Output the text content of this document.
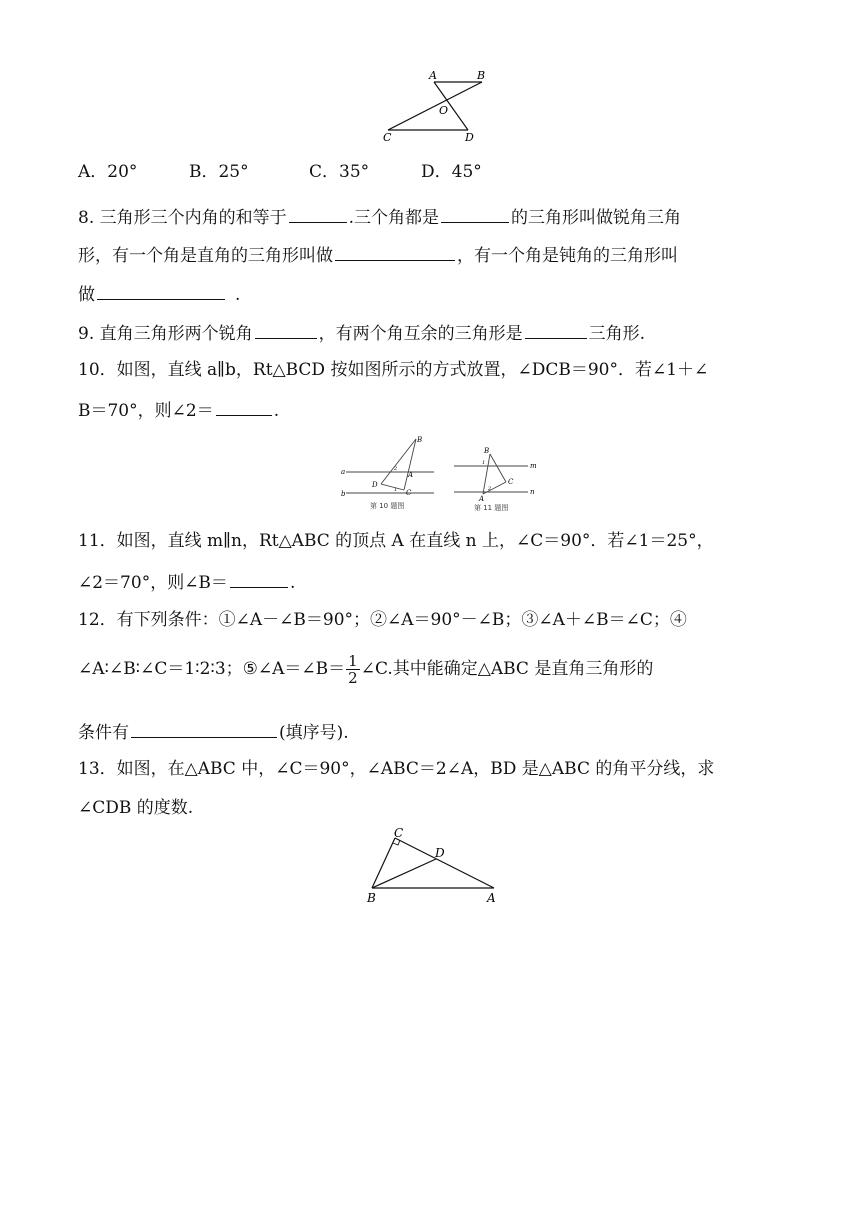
A	B
O
C	D
A．20°	B．25°	C．35°	D．45°
8. 三角形三个内角的和等于	.三个角都是	的三角形叫做锐角三角
形，有一个角是直角的三角形叫做	，有一个角是钝角的三角形叫
做	.
9. 直角三角形两个锐角	，有两个角互余的三角形是	三角形.
10．如图，直线 a∥b，Rt△BCD 按如图所示的方式放置，∠DCB＝90°．若∠1＋∠
B＝70°，则∠2＝	.
a
b
B
A
D
C
2
1
第 10 题图
m
n
B
C
A
1
2
第 11 题图
11．如图，直线 m∥n，Rt△ABC 的顶点 A 在直线 n 上，∠C＝90°．若∠1＝25°，
∠2＝70°，则∠B＝	.
12．有下列条件：①∠A－∠B＝90°；②∠A＝90°－∠B；③∠A＋∠B＝∠C；④
∠A∶∠B∶∠C＝1∶2∶3；⑤∠A＝∠B＝ $\frac{1}{2}$ ∠C.其中能确定△ABC 是直角三角形的
条件有	(填序号).
13．如图，在△ABC 中，∠C＝90°，∠ABC＝2∠A，BD 是△ABC 的角平分线，求
∠CDB 的度数.
C
D
B	A
